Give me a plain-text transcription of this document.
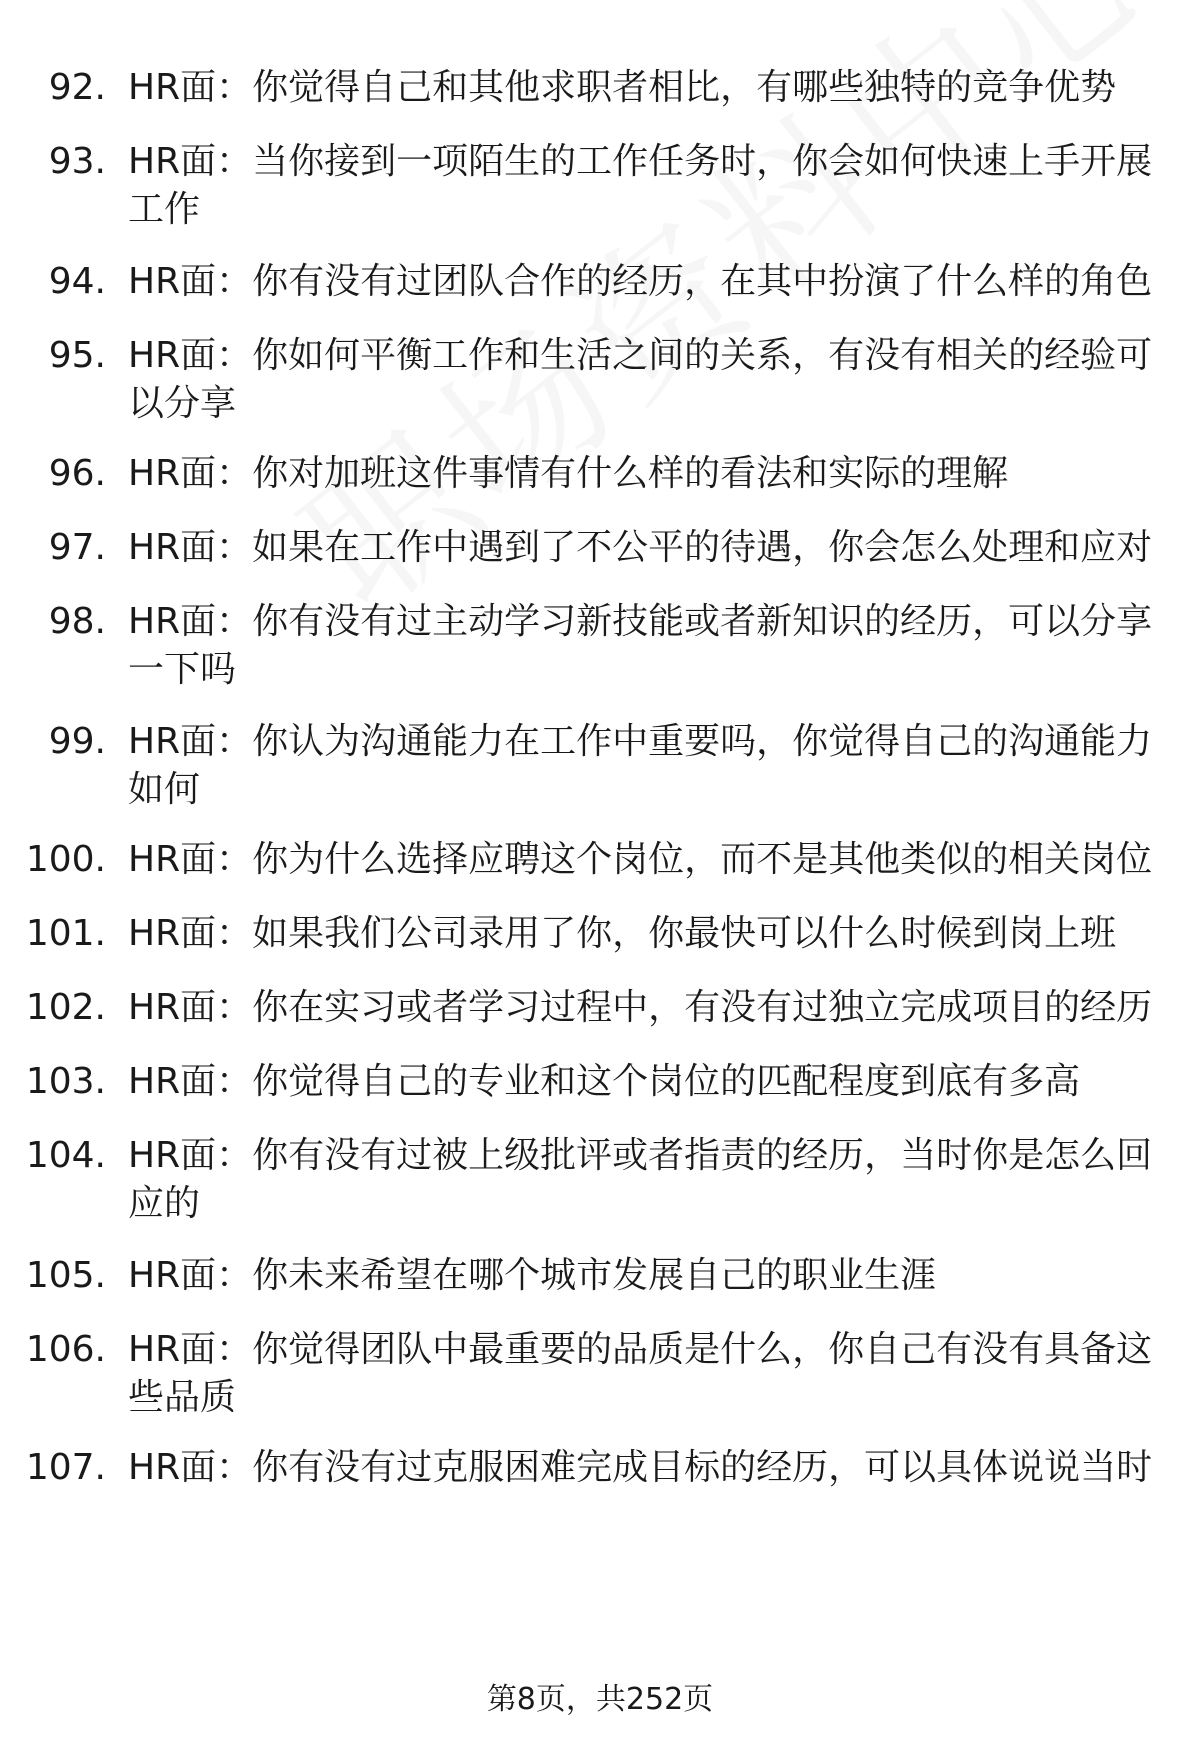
92. HR面：你觉得自己和其他求职者相比，有哪些独特的竞争优势
93. HR面：当你接到一项陌生的工作任务时，你会如何快速上手开展工作
94. HR面：你有没有过团队合作的经历，在其中扮演了什么样的角色
95. HR面：你如何平衡工作和生活之间的关系，有没有相关的经验可以分享
96. HR面：你对加班这件事情有什么样的看法和实际的理解
97. HR面：如果在工作中遇到了不公平的待遇，你会怎么处理和应对
98. HR面：你有没有过主动学习新技能或者新知识的经历，可以分享一下吗
99. HR面：你认为沟通能力在工作中重要吗，你觉得自己的沟通能力如何
100. HR面：你为什么选择应聘这个岗位，而不是其他类似的相关岗位
101. HR面：如果我们公司录用了你，你最快可以什么时候到岗上班
102. HR面：你在实习或者学习过程中，有没有过独立完成项目的经历
103. HR面：你觉得自己的专业和这个岗位的匹配程度到底有多高
104. HR面：你有没有过被上级批评或者指责的经历，当时你是怎么回应的
105. HR面：你未来希望在哪个城市发展自己的职业生涯
106. HR面：你觉得团队中最重要的品质是什么，你自己有没有具备这些品质
107. HR面：你有没有过克服困难完成目标的经历，可以具体说说当时
第8页，共252页
